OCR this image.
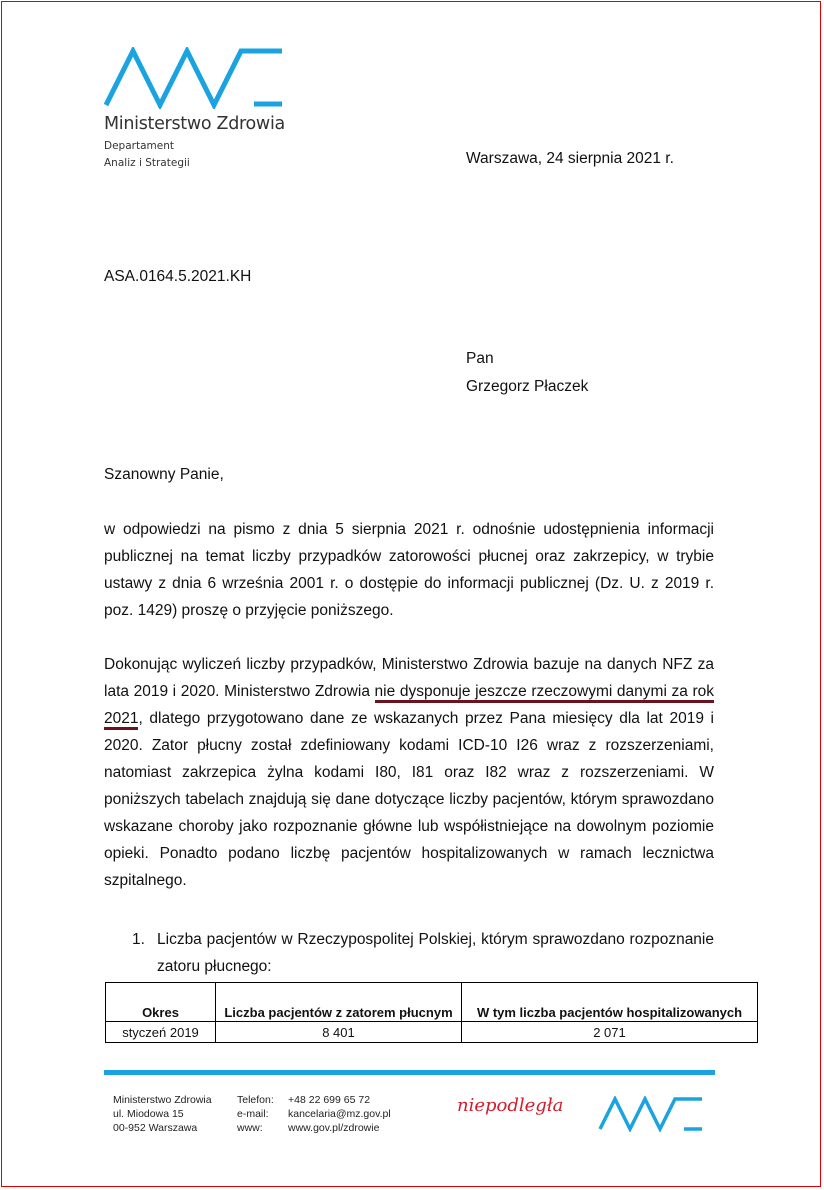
Ministerstwo Zdrowia
Departament
Analiz i Strategii	Warszawa, 24 sierpnia 2021 r.
ASA.0164.5.2021.KH
Pan
Grzegorz Płaczek
Szanowny Panie,

w odpowiedzi na pismo z dnia 5 sierpnia 2021 r. odnośnie udostępnienia informacji publicznej na temat liczby przypadków zatorowości płucnej oraz zakrzepicy, w trybie ustawy z dnia 6 września 2001 r. o dostępie do informacji publicznej (Dz. U. z 2019 r. poz. 1429) proszę o przyjęcie poniższego.

Dokonując wyliczeń liczby przypadków, Ministerstwo Zdrowia bazuje na danych NFZ za lata 2019 i 2020. Ministerstwo Zdrowia nie dysponuje jeszcze rzeczowymi danymi za rok 2021, dlatego przygotowano dane ze wskazanych przez Pana miesięcy dla lat 2019 i 2020. Zator płucny został zdefiniowany kodami ICD-10 I26 wraz z rozszerzeniami, natomiast zakrzepica żylna kodami I80, I81 oraz I82 wraz z rozszerzeniami. W poniższych tabelach znajdują się dane dotyczące liczby pacjentów, którym sprawozdano wskazane choroby jako rozpoznanie główne lub współistniejące na dowolnym poziomie opieki. Ponadto podano liczbę pacjentów hospitalizowanych w ramach lecznictwa szpitalnego.

1. Liczba pacjentów w Rzeczypospolitej Polskiej, którym sprawozdano rozpoznanie zatoru płucnego:

Okres	Liczba pacjentów z zatorem płucnym	W tym liczba pacjentów hospitalizowanych
styczeń 2019	8 401	2 071
Ministerstwo Zdrowia
ul. Miodowa 15
00-952 Warszawa
Telefon:
e-mail:
www:
+48 22 699 65 72
kancelaria@mz.gov.pl
www.gov.pl/zdrowie
niepodległa
